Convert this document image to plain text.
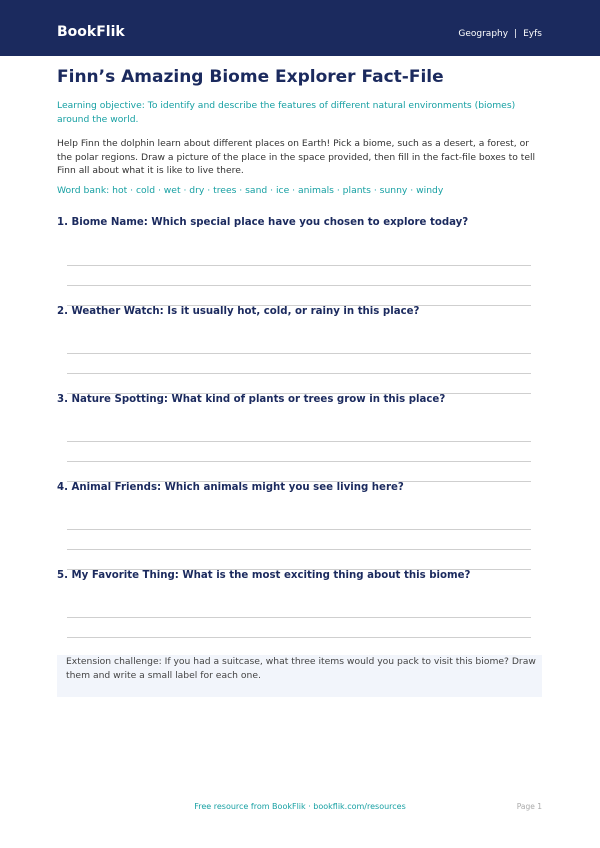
BookFlik	Geography | Eyfs
Finn’s Amazing Biome Explorer Fact-File
Learning objective: To identify and describe the features of different natural environments (biomes) around the world.
Help Finn the dolphin learn about different places on Earth! Pick a biome, such as a desert, a forest, or the polar regions. Draw a picture of the place in the space provided, then fill in the fact-file boxes to tell Finn all about what it is like to live there.
Word bank: hot · cold · wet · dry · trees · sand · ice · animals · plants · sunny · windy
1. Biome Name: Which special place have you chosen to explore today?
2. Weather Watch: Is it usually hot, cold, or rainy in this place?
3. Nature Spotting: What kind of plants or trees grow in this place?
4. Animal Friends: Which animals might you see living here?
5. My Favorite Thing: What is the most exciting thing about this biome?
Extension challenge: If you had a suitcase, what three items would you pack to visit this biome? Draw them and write a small label for each one.
Free resource from BookFlik · bookflik.com/resources	Page 1
